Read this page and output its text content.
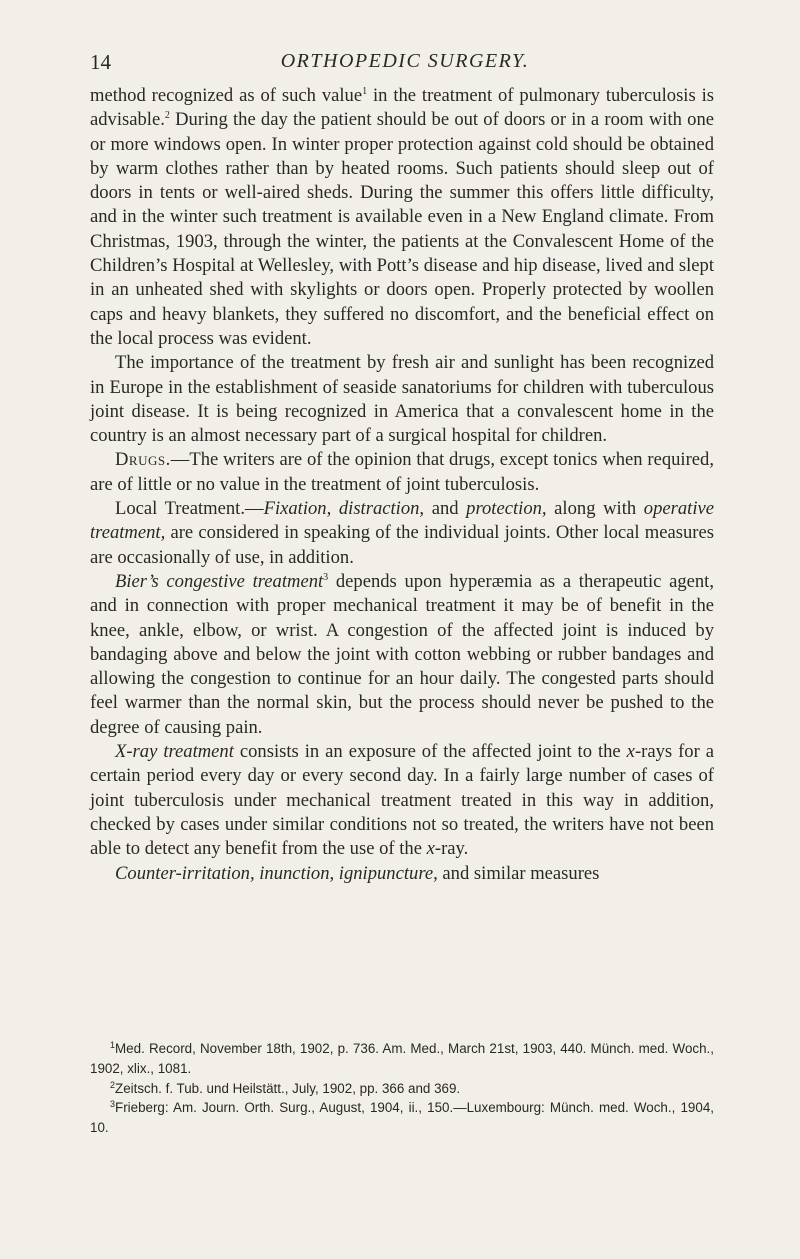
14	ORTHOPEDIC SURGERY.

method recognized as of such value$^1$ in the treatment of pulmonary tuberculosis is advisable.$^2$ During the day the patient should be out of doors or in a room with one or more windows open. In winter proper protection against cold should be obtained by warm clothes rather than by heated rooms. Such patients should sleep out of doors in tents or well-aired sheds. During the summer this offers little difficulty, and in the winter such treatment is available even in a New England climate. From Christmas, 1903, through the winter, the patients at the Convalescent Home of the Children’s Hospital at Wellesley, with Pott’s disease and hip disease, lived and slept in an unheated shed with skylights or doors open. Properly protected by woollen caps and heavy blankets, they suffered no discomfort, and the beneficial effect on the local process was evident.

The importance of the treatment by fresh air and sunlight has been recognized in Europe in the establishment of seaside sanatoriums for children with tuberculous joint disease. It is being recognized in America that a convalescent home in the country is an almost necessary part of a surgical hospital for children.

Drugs.—The writers are of the opinion that drugs, except tonics when required, are of little or no value in the treatment of joint tuberculosis.

Local Treatment.—Fixation, distraction, and protection, along with operative treatment, are considered in speaking of the individual joints. Other local measures are occasionally of use, in addition.

Bier’s congestive treatment$^3$ depends upon hyperæmia as a therapeutic agent, and in connection with proper mechanical treatment it may be of benefit in the knee, ankle, elbow, or wrist. A congestion of the affected joint is induced by bandaging above and below the joint with cotton webbing or rubber bandages and allowing the congestion to continue for an hour daily. The congested parts should feel warmer than the normal skin, but the process should never be pushed to the degree of causing pain.

X-ray treatment consists in an exposure of the affected joint to the x-rays for a certain period every day or every second day. In a fairly large number of cases of joint tuberculosis under mechanical treatment treated in this way in addition, checked by cases under similar conditions not so treated, the writers have not been able to detect any benefit from the use of the x-ray.

Counter-irritation, inunction, ignipuncture, and similar measures

$^1$Med. Record, November 18th, 1902, p. 736. Am. Med., March 21st, 1903, 440. Münch. med. Woch., 1902, xlix., 1081.

$^2$Zeitsch. f. Tub. und Heilstätt., July, 1902, pp. 366 and 369.

$^3$Frieberg: Am. Journ. Orth. Surg., August, 1904, ii., 150.—Luxembourg: Münch. med. Woch., 1904, 10.
